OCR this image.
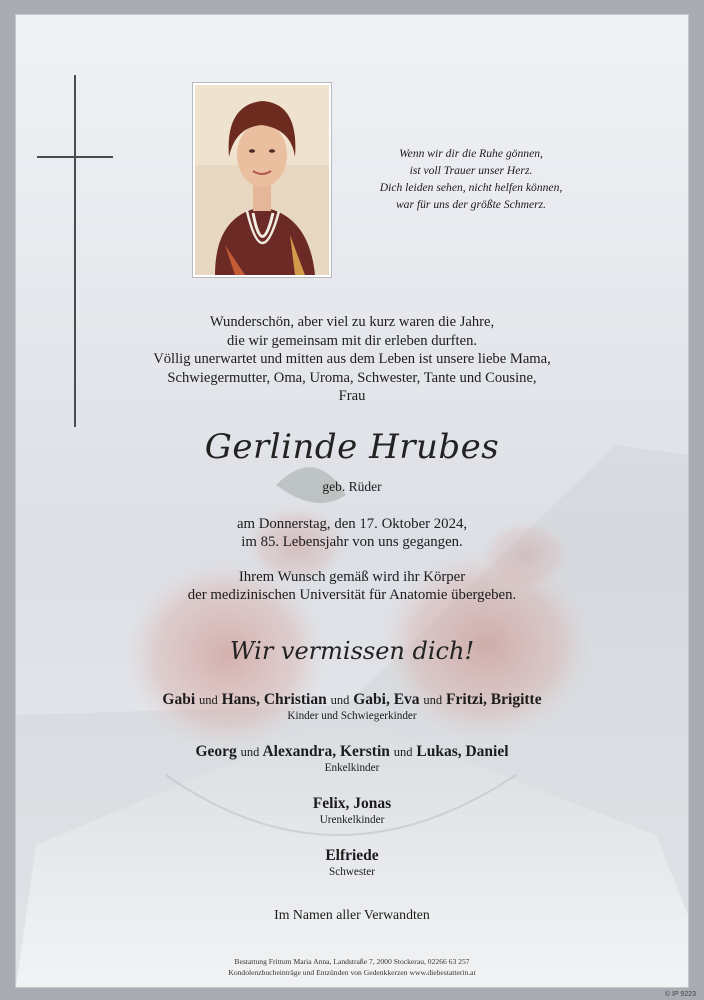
Wenn wir dir die Ruhe gönnen,
ist voll Trauer unser Herz.
Dich leiden sehen, nicht helfen können,
war für uns der größte Schmerz.
Wunderschön, aber viel zu kurz waren die Jahre,
die wir gemeinsam mit dir erleben durften.
Völlig unerwartet und mitten aus dem Leben ist unsere liebe Mama,
Schwiegermutter, Oma, Uroma, Schwester, Tante und Cousine,
Frau
Gerlinde Hrubes
geb. Rüder
am Donnerstag, den 17. Oktober 2024,
im 85. Lebensjahr von uns gegangen.
Ihrem Wunsch gemäß wird ihr Körper
der medizinischen Universität für Anatomie übergeben.
Wir vermissen dich!
Gabi und Hans, Christian und Gabi, Eva und Fritzi, Brigitte
Kinder und Schwiegerkinder
Georg und Alexandra, Kerstin und Lukas, Daniel
Enkelkinder
Felix, Jonas
Urenkelkinder
Elfriede
Schwester
Im Namen aller Verwandten
Bestattung Frittum Maria Anna, Landstraße 7, 2000 Stockerau, 02266 63 257
Kondolenzbucheinträge und Entzünden von Gedenkkerzen www.diebestatterin.at
© IP 9223
